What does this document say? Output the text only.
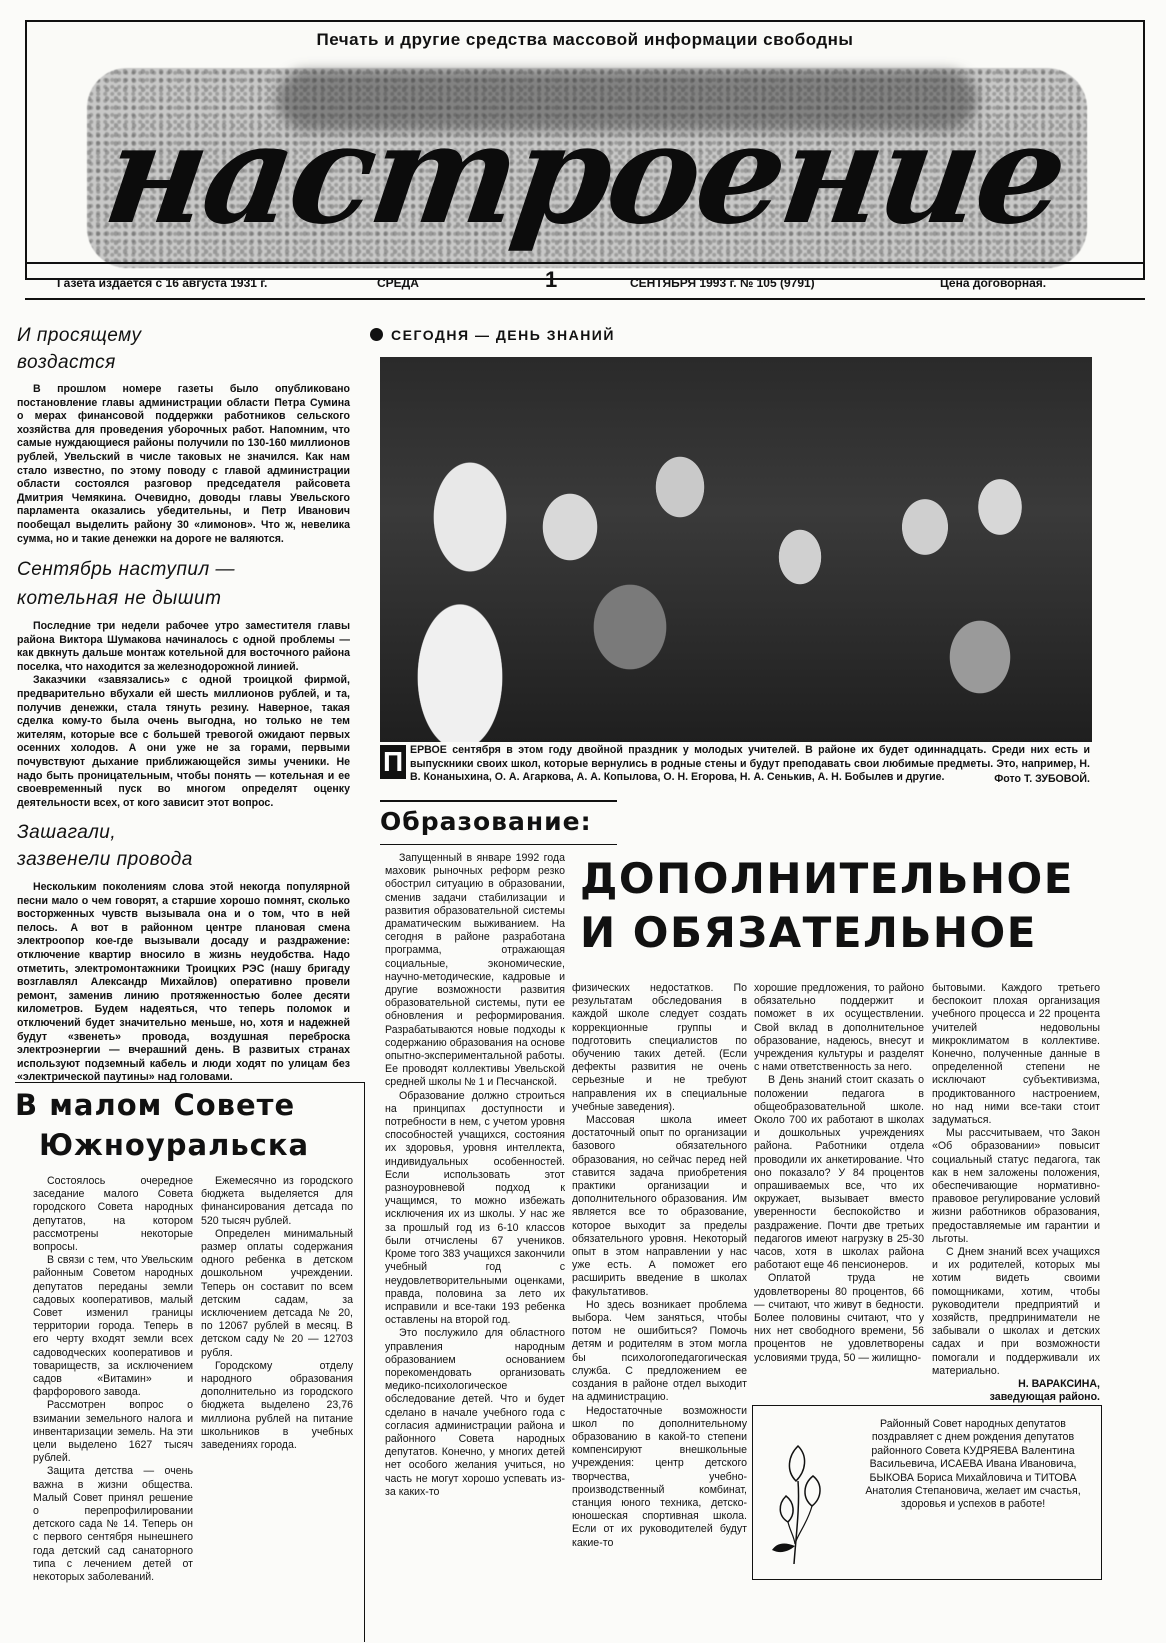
Печать и другие средства массовой информации свободны
настроение
Газета издается с 16 августа 1931 г.	СРЕДА	1	СЕНТЯБРЯ 1993 г. № 105 (9791)	Цена договорная.
И просящему
воздастся

В прошлом номере газеты было опубликовано постановление главы администрации области Петра Сумина о мерах финансовой поддержки работников сельского хозяйства для проведения уборочных работ. Напомним, что самые нуждающиеся районы получили по 130-160 миллионов рублей, Увельский в числе таковых не значился. Как нам стало известно, по этому поводу с главой администрации области состоялся разговор председателя райсовета Дмитрия Чемякина. Очевидно, доводы главы Увельского парламента оказались убедительны, и Петр Иванович пообещал выделить району 30 «лимонов». Что ж, невелика сумма, но и такие денежки на дороге не валяются.

Сентябрь наступил —
котельная не дышит

Последние три недели рабочее утро заместителя главы района Виктора Шумакова начиналось с одной проблемы — как двкнуть дальше монтаж котельной для восточного района поселка, что находится за железнодорожной линией.

Заказчики «завязались» с одной троицкой фирмой, предварительно вбухали ей шесть миллионов рублей, и та, получив денежки, стала тянуть резину. Наверное, такая сделка кому-то была очень выгодна, но только не тем жителям, которые все с большей тревогой ожидают первых осенних холодов. А они уже не за горами, первыми почувствуют дыхание приближающейся зимы ученики. Не надо быть проницательным, чтобы понять — котельная и ее своевременный пуск во многом определят оценку деятельности всех, от кого зависит этот вопрос.

Зашагали,
зазвенели провода

Нескольким поколениям слова этой некогда популярной песни мало о чем говорят, а старшие хорошо помнят, сколько восторженных чувств вызывала она и о том, что в ней пелось. А вот в районном центре плановая смена электроопор кое-где вызывали досаду и раздражение: отключение квартир вносило в жизнь неудобства. Надо отметить, электромонтажники Троицких РЭС (нашу бригаду возглавлял Александр Михайлов) оперативно провели ремонт, заменив линию протяженностью более десяти километров. Будем надеяться, что теперь поломок и отключений будет значительно меньше, но, хотя и надежней будут «звенеть» провода, воздушная переброска электроэнергии — вчерашний день. В развитых странах используют подземный кабель и люди ходят по улицам без «электрической паутины» над головами.

СЕГОДНЯ — ДЕНЬ ЗНАНИЙ
П ЕРВОЕ сентября в этом году двойной праздник у молодых учителей. В районе их будет одиннадцать. Среди них есть и выпускники своих школ, которые вернулись в родные стены и будут преподавать свои любимые предметы. Это, например, Н. В. Конаныхина, О. А. Агаркова, А. А. Копылова, О. Н. Егорова, Н. А. Сенькив, А. Н. Бобылев и другие.	Фото Т. ЗУБОВОЙ.
Образование:
ДОПОЛНИТЕЛЬНОЕ
И ОБЯЗАТЕЛЬНОЕ

Запущенный в январе 1992 года маховик рыночных реформ резко обострил ситуацию в образовании, сменив задачи стабилизации и развития образовательной системы драматическим выживанием. На сегодня в районе разработана программа, отражающая социальные, экономические, научно-методические, кадровые и другие возможности развития образовательной системы, пути ее обновления и реформирования. Разрабатываются новые подходы к содержанию образования на основе опытно-экспериментальной работы. Ее проводят коллективы Увельской средней школы № 1 и Песчанской.

Образование должно строиться на принципах доступности и потребности в нем, с учетом уровня способностей учащихся, состояния их здоровья, уровня интеллекта, индивидуальных особенностей. Если использовать этот разноуровневой подход к учащимся, то можно избежать исключения их из школы. У нас же за прошлый год из 6-10 классов были отчислены 67 учеников. Кроме того 383 учащихся закончили учебный год с неудовлетворительными оценками, правда, половина за лето их исправили и все-таки 193 ребенка оставлены на второй год.

Это послужило для областного управления народным образованием основанием порекомендовать организовать медико-психологическое обследование детей. Что и будет сделано в начале учебного года с согласия администрации района и районного Совета народных депутатов. Конечно, у многих детей нет особого желания учиться, но часть не могут хорошо успевать из-за каких-то

физических недостатков. По результатам обследования в каждой школе следует создать коррекционные группы и подготовить специалистов по обучению таких детей. (Если дефекты развития не очень серьезные и не требуют направления их в специальные учебные заведения).

Массовая школа имеет достаточный опыт по организации базового обязательного образования, но сейчас перед ней ставится задача приобретения практики организации и дополнительного образования. Им является все то образование, которое выходит за пределы обязательного уровня. Некоторый опыт в этом направлении у нас уже есть. А поможет его расширить введение в школах факультативов.

Но здесь возникает проблема выбора. Чем заняться, чтобы потом не ошибиться? Помочь детям и родителям в этом могла бы психологопедагогическая служба. С предложением ее создания в районе отдел выходит на администрацию.

Недостаточные возможности школ по дополнительному образованию в какой-то степени компенсируют внешкольные учреждения: центр детского творчества, учебно-производственный комбинат, станция юного техника, детско-юношеская спортивная школа. Если от их руководителей будут какие-то

хорошие предложения, то районо обязательно поддержит и поможет в их осуществлении. Свой вклад в дополнительное образование, надеюсь, внесут и учреждения культуры и разделят с нами ответственность за него.

В День знаний стоит сказать о положении педагога в общеобразовательной школе. Около 700 их работают в школах и дошкольных учреждениях района. Работники отдела проводили их анкетирование. Что оно показало? У 84 процентов опрашиваемых все, что их окружает, вызывает вместо уверенности беспокойство и раздражение. Почти две третьих педагогов имеют нагрузку в 25-30 часов, хотя в школах района работают еще 46 пенсионеров.

Оплатой труда не удовлетворены 80 процентов, 66 — считают, что живут в бедности. Более половины считают, что у них нет свободного времени, 56 процентов не удовлетворены условиями труда, 50 — жилищно-

бытовыми. Каждого третьего беспокоит плохая организация учебного процесса и 22 процента учителей недовольны микроклиматом в коллективе. Конечно, полученные данные в определенной степени не исключают субъективизма, продиктованного настроением, но над ними все-таки стоит задуматься.

Мы рассчитываем, что Закон «Об образовании» повысит социальный статус педагога, так как в нем заложены положения, обеспечивающие нормативно-правовое регулирование условий жизни работников образования, предоставляемые им гарантии и льготы.

С Днем знаний всех учащихся и их родителей, которых мы хотим видеть своими помощниками, хотим, чтобы руководители предприятий и хозяйств, предприниматели не забывали о школах и детских садах и при возможности помогали и поддерживали их материально.

Н. ВАРАКСИНА,
заведующая районо.
В малом Совете
Южноуральска

Состоялось очередное заседание малого Совета городского Совета народных депутатов, на котором рассмотрены некоторые вопросы.

В связи с тем, что Увельским районным Советом народных депутатов переданы земли садовых кооперативов, малый Совет изменил границы территории города. Теперь в его черту входят земли всех садоводческих кооперативов и товариществ, за исключением садов «Витамин» и фарфорового завода.

Рассмотрен вопрос о взимании земельного налога и инвентаризации земель. На эти цели выделено 1627 тысяч рублей.

Защита детства — очень важна в жизни общества. Малый Совет принял решение о перепрофилировании детского сада № 14. Теперь он с первого сентября нынешнего года детский сад санаторного типа с лечением детей от некоторых заболеваний.

Ежемесячно из городского бюджета выделяется для финансирования детсада по 520 тысяч рублей.

Определен минимальный размер оплаты содержания одного ребенка в детском дошкольном учреждении. Теперь он составит по всем детским садам, за исключением детсада № 20, по 12067 рублей в месяц. В детском саду № 20 — 12703 рубля.

Городскому отделу народного образования дополнительно из городского бюджета выделено 23,76 миллиона рублей на питание школьников в учебных заведениях города.

Районный Совет народных депутатов поздравляет с днем рождения депутатов районного Совета КУДРЯЕВА Валентина Васильевича, ИСАЕВА Ивана Ивановича, БЫКОВА Бориса Михайловича и ТИТОВА Анатолия Степановича, желает им счастья, здоровья и успехов в работе!
